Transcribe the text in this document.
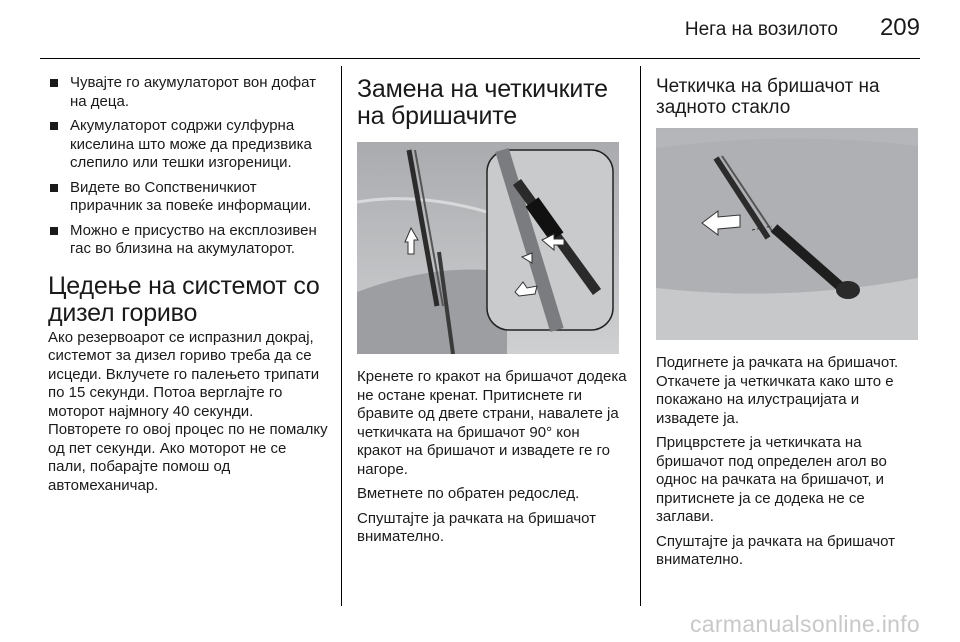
Нега на возилото 209
Чувајте го акумулаторот вон дофат на деца.
Акумулаторот содржи сулфурна киселина што може да предизвика слепило или тешки изгореници.
Видете во Сопственичкиот прирачник за повеќе информации.
Можно е присуство на експлозивен гас во близина на акумулаторот.
Цедење на системот со дизел гориво

Ако резервоарот се испразнил докрај, системот за дизел гориво треба да се исцеди. Вклучете го палењето трипати по 15 секунди. Потоа верглајте го моторот најмногу 40 секунди. Повторете го овој процес по не помалку од пет секунди. Ако моторот не се пали, побарајте помош од автомеханичар.

Замена на четкичките на бришачите

Кренете го кракот на бришачот додека не остане кренат. Притиснете ги бравите од двете страни, навалете ја четкичката на бришачот 90° кон кракот на бришачот и извадете ге го нагоре.

Вметнете по обратен редослед.

Спуштајте ја рачката на бришачот внимателно.

Четкичка на бришачот на задното стакло

Подигнете ја рачката на бришачот. Откачете ја четкичката како што е покажано на илустрацијата и извадете ја.

Прицврстете ја четкичката на бришачот под определен агол во однос на рачката на бришачот, и притиснете ја се додека не се заглави.

Спуштајте ја рачката на бришачот внимателно.

carmanualsonline.info
